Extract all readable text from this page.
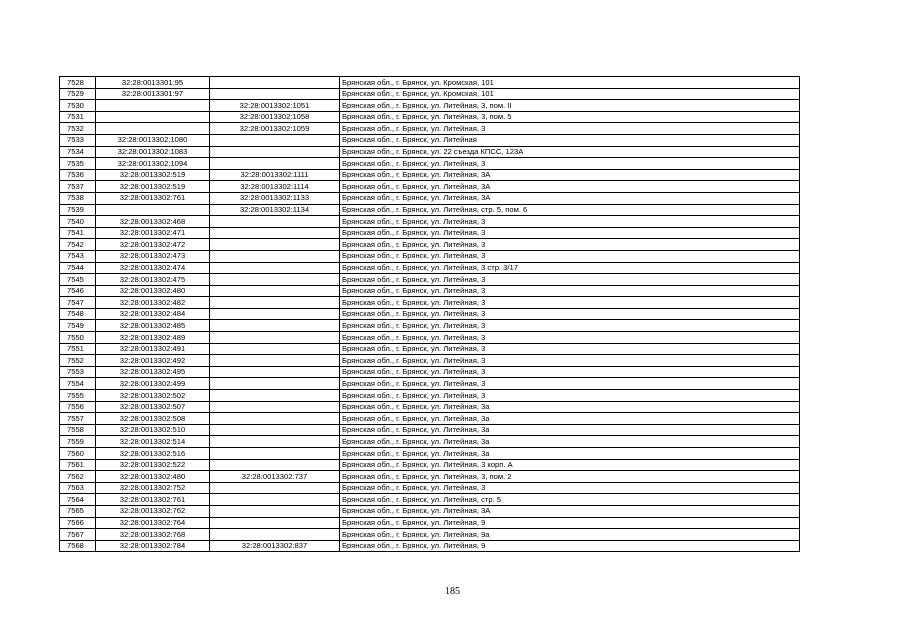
7528	32:28:0013301:95		Брянская обл., г. Брянск, ул. Кромская, 101
7529	32:28:0013301:97		Брянская обл., г. Брянск, ул. Кромская, 101
7530		32:28:0013302:1051	Брянская обл., г. Брянск, ул. Литейная, 3, пом. II
7531		32:28:0013302:1058	Брянская обл., г. Брянск, ул. Литейная, 3, пом. 5
7532		32:28:0013302:1059	Брянская обл., г. Брянск, ул. Литейная, 3
7533	32:28:0013302:1080		Брянская обл., г. Брянск, ул. Литейная
7534	32:28:0013302:1083		Брянская обл., г. Брянск, ул. 22 съезда КПСС, 123А
7535	32:28:0013302:1094		Брянская обл., г. Брянск, ул. Литейная, 3
7536	32:28:0013302:519	32:28:0013302:1111	Брянская обл., г. Брянск, ул. Литейная, 3А
7537	32:28:0013302:519	32:28:0013302:1114	Брянская обл., г. Брянск, ул. Литейная, 3А
7538	32:28:0013302:761	32:28:0013302:1133	Брянская обл., г. Брянск, ул. Литейная, 3А
7539		32:28:0013302:1134	Брянская обл., г. Брянск, ул. Литейная, стр. 5, пом. 6
7540	32:28:0013302:468		Брянская обл., г. Брянск, ул. Литейная, 3
7541	32:28:0013302:471		Брянская обл., г. Брянск, ул. Литейная, 3
7542	32:28:0013302:472		Брянская обл., г. Брянск, ул. Литейная, 3
7543	32:28:0013302:473		Брянская обл., г. Брянск, ул. Литейная, 3
7544	32:28:0013302:474		Брянская обл., г. Брянск, ул. Литейная, 3 стр. 3/17
7545	32:28:0013302:475		Брянская обл., г. Брянск, ул. Литейная, 3
7546	32:28:0013302:480		Брянская обл., г. Брянск, ул. Литейная, 3
7547	32:28:0013302:482		Брянская обл., г. Брянск, ул. Литейная, 3
7548	32:28:0013302:484		Брянская обл., г. Брянск, ул. Литейная, 3
7549	32:28:0013302:485		Брянская обл., г. Брянск, ул. Литейная, 3
7550	32:28:0013302:489		Брянская обл., г. Брянск, ул. Литейная, 3
7551	32:28:0013302:491		Брянская обл., г. Брянск, ул. Литейная, 3
7552	32:28:0013302:492		Брянская обл., г. Брянск, ул. Литейная, 3
7553	32:28:0013302:495		Брянская обл., г. Брянск, ул. Литейная, 3
7554	32:28:0013302:499		Брянская обл., г. Брянск, ул. Литейная, 3
7555	32:28:0013302:502		Брянская обл., г. Брянск, ул. Литейная, 3
7556	32:28:0013302:507		Брянская обл., г. Брянск, ул. Литейная, 3а
7557	32:28:0013302:508		Брянская обл., г. Брянск, ул. Литейная, 3а
7558	32:28:0013302:510		Брянская обл., г. Брянск, ул. Литейная, 3а
7559	32:28:0013302:514		Брянская обл., г. Брянск, ул. Литейная, 3а
7560	32:28:0013302:516		Брянская обл., г. Брянск, ул. Литейная, 3а
7561	32:28:0013302:522		Брянская обл., г. Брянск, ул. Литейная, 3 корп. А
7562	32:28:0013302:480	32:28:0013302:737	Брянская обл., г. Брянск, ул. Литейная, 3, пом. 2
7563	32:28:0013302:752		Брянская обл., г. Брянск, ул. Литейная, 3
7564	32:28:0013302:761		Брянская обл., г. Брянск, ул. Литейная, стр. 5
7565	32:28:0013302:762		Брянская обл., г. Брянск, ул. Литейная, 3А
7566	32:28:0013302:764		Брянская обл., г. Брянск, ул. Литейная, 9
7567	32:28:0013302:768		Брянская обл., г. Брянск, ул. Литейная, 9а
7568	32:28:0013302:784	32:28:0013302:837	Брянская обл., г. Брянск, ул. Литейная, 9
185
